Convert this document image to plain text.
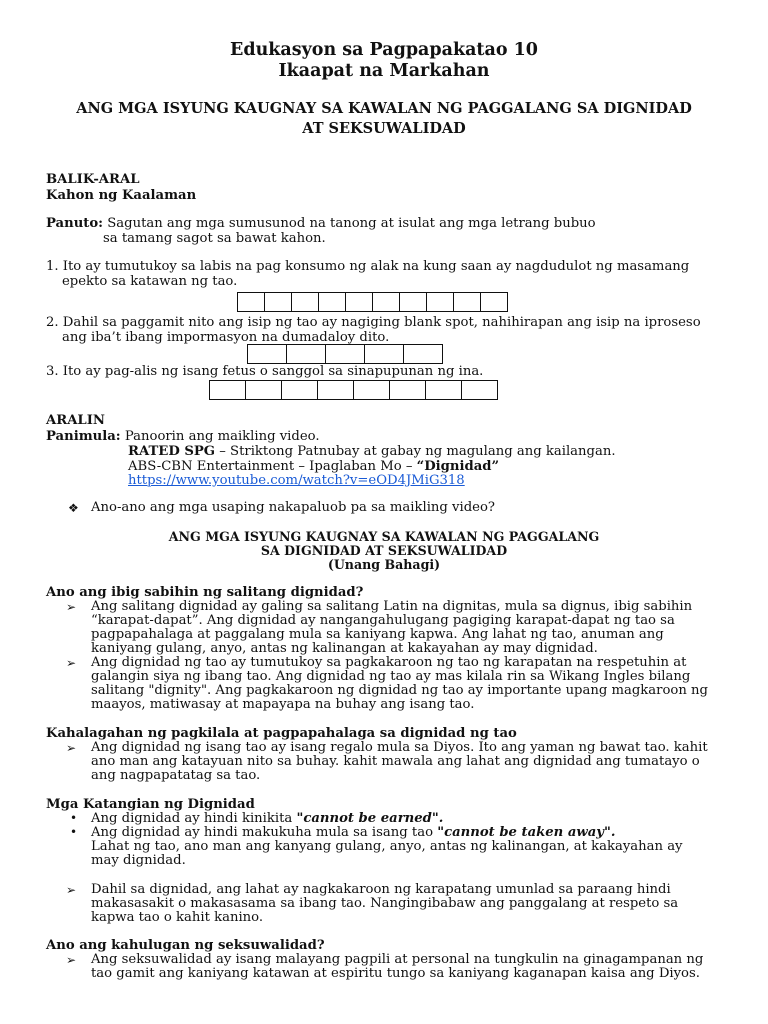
Edukasyon sa Pagpapakatao 10
Ikaapat na Markahan
ANG MGA ISYUNG KAUGNAY SA KAWALAN NG PAGGALANG SA DIGNIDAD
AT SEKSUWALIDAD
BALIK-ARAL
Kahon ng Kaalaman
Panuto: Sagutan ang mga sumusunod na tanong at isulat ang mga letrang bubuo
sa tamang sagot sa bawat kahon.
1. Ito ay tumutukoy sa labis na pag konsumo ng alak na kung saan ay nagdudulot ng masamang
epekto sa katawan ng tao.
2. Dahil sa paggamit nito ang isip ng tao ay nagiging blank spot, nahihirapan ang isip na iproseso
ang iba’t ibang impormasyon na dumadaloy dito.
3. Ito ay pag-alis ng isang fetus o sanggol sa sinapupunan ng ina.
ARALIN
Panimula: Panoorin ang maikling video.
RATED SPG – Striktong Patnubay at gabay ng magulang ang kailangan.
ABS-CBN Entertainment – Ipaglaban Mo – “Dignidad”
https://www.youtube.com/watch?v=eOD4JMiG318
❖ Ano-ano ang mga usaping nakapaluob pa sa maikling video?
ANG MGA ISYUNG KAUGNAY SA KAWALAN NG PAGGALANG
SA DIGNIDAD AT SEKSUWALIDAD
(Unang Bahagi)
Ano ang ibig sabihin ng salitang dignidad?
➢ Ang salitang dignidad ay galing sa salitang Latin na dignitas, mula sa dignus, ibig sabihin
“karapat-dapat”. Ang dignidad ay nangangahulugang pagiging karapat-dapat ng tao sa
pagpapahalaga at paggalang mula sa kaniyang kapwa. Ang lahat ng tao, anuman ang
kaniyang gulang, anyo, antas ng kalinangan at kakayahan ay may dignidad.
➢ Ang dignidad ng tao ay tumutukoy sa pagkakaroon ng tao ng karapatan na respetuhin at
galangin siya ng ibang tao. Ang dignidad ng tao ay mas kilala rin sa Wikang Ingles bilang
salitang "dignity". Ang pagkakaroon ng dignidad ng tao ay importante upang magkaroon ng
maayos, matiwasay at mapayapa na buhay ang isang tao.
Kahalagahan ng pagkilala at pagpapahalaga sa dignidad ng tao
➢ Ang dignidad ng isang tao ay isang regalo mula sa Diyos. Ito ang yaman ng bawat tao. kahit
ano man ang katayuan nito sa buhay. kahit mawala ang lahat ang dignidad ang tumatayo o
ang nagpapatatag sa tao.
Mga Katangian ng Dignidad
• Ang dignidad ay hindi kinikita "cannot be earned".
• Ang dignidad ay hindi makukuha mula sa isang tao "cannot be taken away".
Lahat ng tao, ano man ang kanyang gulang, anyo, antas ng kalinangan, at kakayahan ay
may dignidad.
➢ Dahil sa dignidad, ang lahat ay nagkakaroon ng karapatang umunlad sa paraang hindi
makasasakit o makasasama sa ibang tao. Nangingibabaw ang panggalang at respeto sa
kapwa tao o kahit kanino.
Ano ang kahulugan ng seksuwalidad?
➢ Ang seksuwalidad ay isang malayang pagpili at personal na tungkulin na ginagampanan ng
tao gamit ang kaniyang katawan at espiritu tungo sa kaniyang kaganapan kaisa ang Diyos.
